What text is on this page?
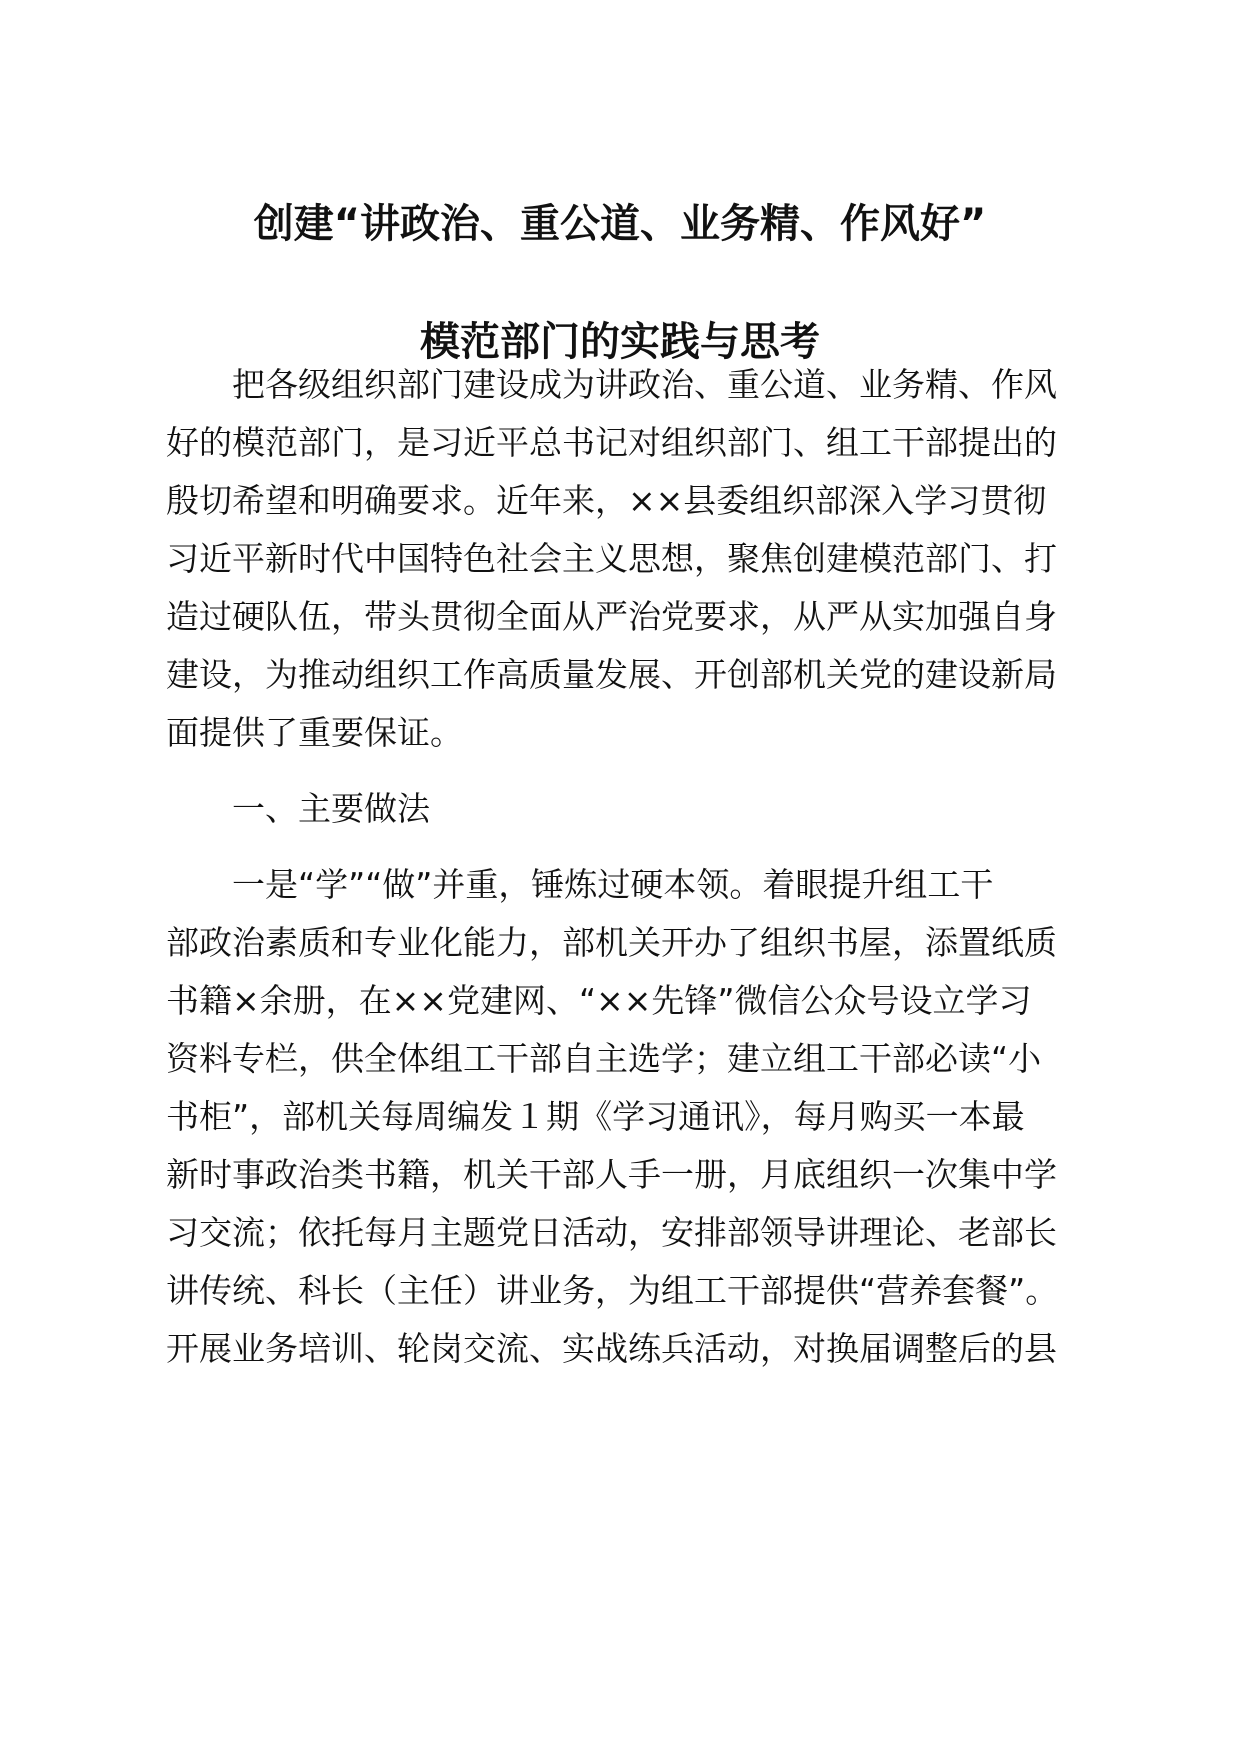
创建“讲政治、重公道、业务精、作风好”
模范部门的实践与思考
把各级组织部门建设成为讲政治、重公道、业务精、作风
好的模范部门，是习近平总书记对组织部门、组工干部提出的
殷切希望和明确要求。近年来，××县委组织部深入学习贯彻
习近平新时代中国特色社会主义思想，聚焦创建模范部门、打
造过硬队伍，带头贯彻全面从严治党要求，从严从实加强自身
建设，为推动组织工作高质量发展、开创部机关党的建设新局
面提供了重要保证。
一、主要做法
一是“学”“做”并重，锤炼过硬本领。着眼提升组工干
部政治素质和专业化能力，部机关开办了组织书屋，添置纸质
书籍×余册，在××党建网、“××先锋”微信公众号设立学习
资料专栏，供全体组工干部自主选学；建立组工干部必读“小
书柜”，部机关每周编发１期《学习通讯》，每月购买一本最
新时事政治类书籍，机关干部人手一册，月底组织一次集中学
习交流；依托每月主题党日活动，安排部领导讲理论、老部长
讲传统、科长（主任）讲业务，为组工干部提供“营养套餐”。
开展业务培训、轮岗交流、实战练兵活动，对换届调整后的县
